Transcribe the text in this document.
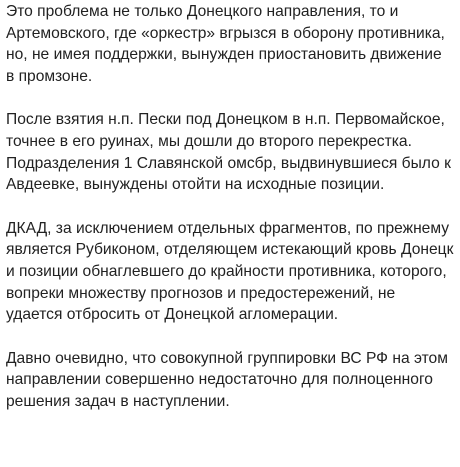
Это проблема не только Донецкого направления, то и Артемовского, где «оркестр» вгрызся в оборону противника, но, не имея поддержки, вынужден приостановить движение в промзоне.

После взятия н.п. Пески под Донецком в н.п. Первомайское, точнее в его руинах, мы дошли до второго перекрестка. Подразделения 1 Славянской омсбр, выдвинувшиеся было к Авдеевке, вынуждены отойти на исходные позиции.

ДКАД, за исключением отдельных фрагментов, по прежнему является Рубиконом, отделяющем истекающий кровь Донецк и позиции обнаглевшего до крайности противника, которого, вопреки множеству прогнозов и предостережений, не удается отбросить от Донецкой агломерации.

Давно очевидно, что совокупной группировки ВС РФ на этом направлении совершенно недостаточно для полноценного решения задач в наступлении.
